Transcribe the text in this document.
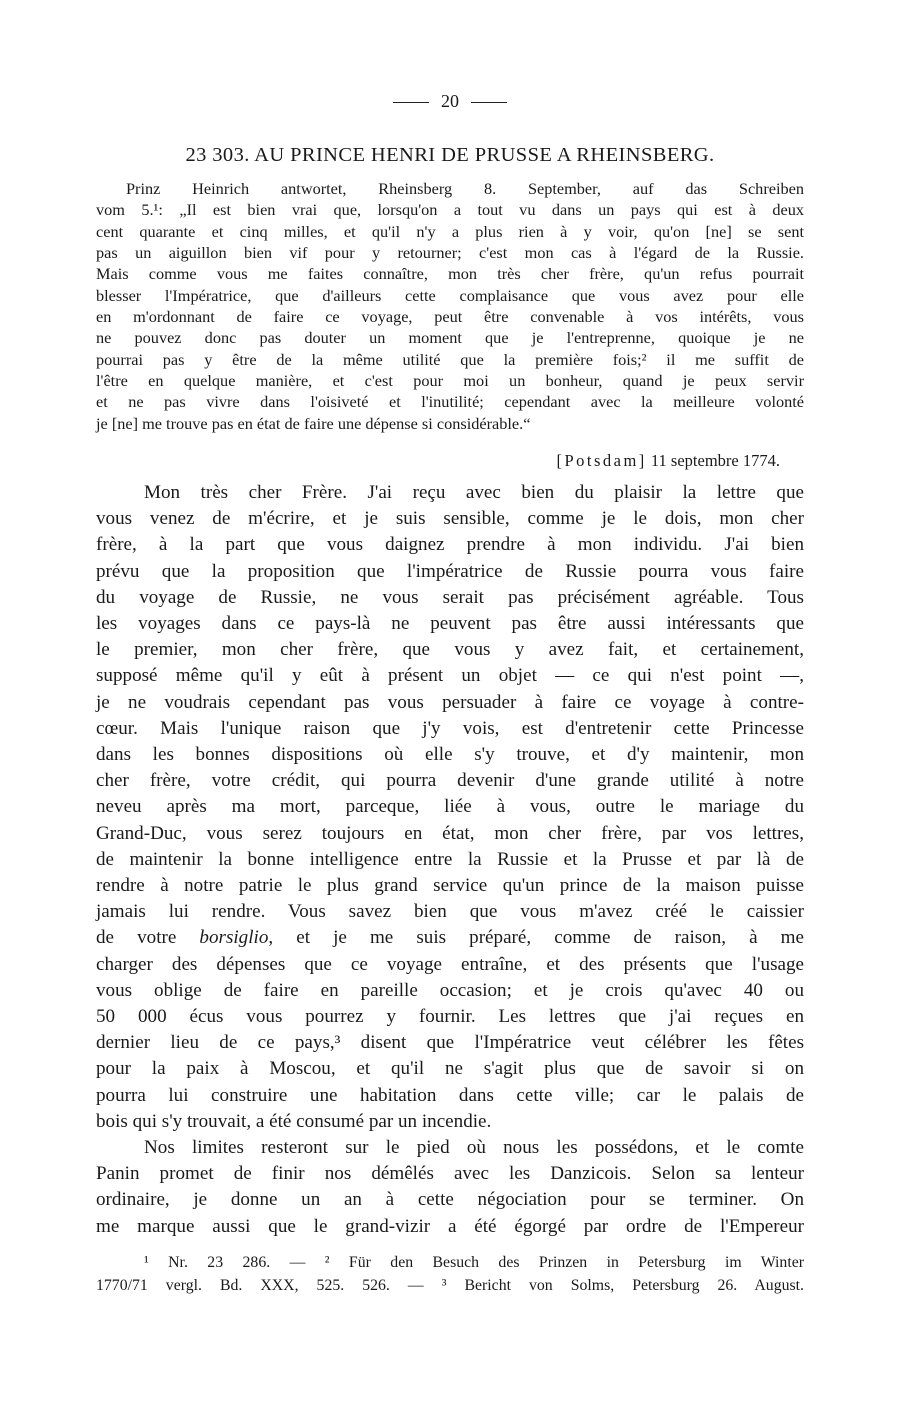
20
23 303. AU PRINCE HENRI DE PRUSSE A RHEINSBERG.
Prinz Heinrich antwortet, Rheinsberg 8. September, auf das Schreiben
vom 5.¹: „Il est bien vrai que, lorsqu'on a tout vu dans un pays qui est à deux
cent quarante et cinq milles, et qu'il n'y a plus rien à y voir, qu'on [ne] se sent
pas un aiguillon bien vif pour y retourner; c'est mon cas à l'égard de la Russie.
Mais comme vous me faites connaître, mon très cher frère, qu'un refus pourrait
blesser l'Impératrice, que d'ailleurs cette complaisance que vous avez pour elle
en m'ordonnant de faire ce voyage, peut être convenable à vos intérêts, vous
ne pouvez donc pas douter un moment que je l'entreprenne, quoique je ne
pourrai pas y être de la même utilité que la première fois;² il me suffit de
l'être en quelque manière, et c'est pour moi un bonheur, quand je peux servir
et ne pas vivre dans l'oisiveté et l'inutilité; cependant avec la meilleure volonté
je [ne] me trouve pas en état de faire une dépense si considérable.“
[Potsdam] 11 septembre 1774.
Mon très cher Frère. J'ai reçu avec bien du plaisir la lettre que
vous venez de m'écrire, et je suis sensible, comme je le dois, mon cher
frère, à la part que vous daignez prendre à mon individu. J'ai bien
prévu que la proposition que l'impératrice de Russie pourra vous faire
du voyage de Russie, ne vous serait pas précisément agréable. Tous
les voyages dans ce pays-là ne peuvent pas être aussi intéressants que
le premier, mon cher frère, que vous y avez fait, et certainement,
supposé même qu'il y eût à présent un objet — ce qui n'est point —,
je ne voudrais cependant pas vous persuader à faire ce voyage à contre-
cœur. Mais l'unique raison que j'y vois, est d'entretenir cette Princesse
dans les bonnes dispositions où elle s'y trouve, et d'y maintenir, mon
cher frère, votre crédit, qui pourra devenir d'une grande utilité à notre
neveu après ma mort, parceque, liée à vous, outre le mariage du
Grand-Duc, vous serez toujours en état, mon cher frère, par vos lettres,
de maintenir la bonne intelligence entre la Russie et la Prusse et par là de
rendre à notre patrie le plus grand service qu'un prince de la maison puisse
jamais lui rendre. Vous savez bien que vous m'avez créé le caissier
de votre borsiglio, et je me suis préparé, comme de raison, à me
charger des dépenses que ce voyage entraîne, et des présents que l'usage
vous oblige de faire en pareille occasion; et je crois qu'avec 40 ou
50 000 écus vous pourrez y fournir. Les lettres que j'ai reçues en
dernier lieu de ce pays,³ disent que l'Impératrice veut célébrer les fêtes
pour la paix à Moscou, et qu'il ne s'agit plus que de savoir si on
pourra lui construire une habitation dans cette ville; car le palais de
bois qui s'y trouvait, a été consumé par un incendie.
Nos limites resteront sur le pied où nous les possédons, et le comte
Panin promet de finir nos démêlés avec les Danzicois. Selon sa lenteur
ordinaire, je donne un an à cette négociation pour se terminer. On
me marque aussi que le grand-vizir a été égorgé par ordre de l'Empereur
¹ Nr. 23 286. — ² Für den Besuch des Prinzen in Petersburg im Winter
1770/71 vergl. Bd. XXX, 525. 526. — ³ Bericht von Solms, Petersburg 26. August.
